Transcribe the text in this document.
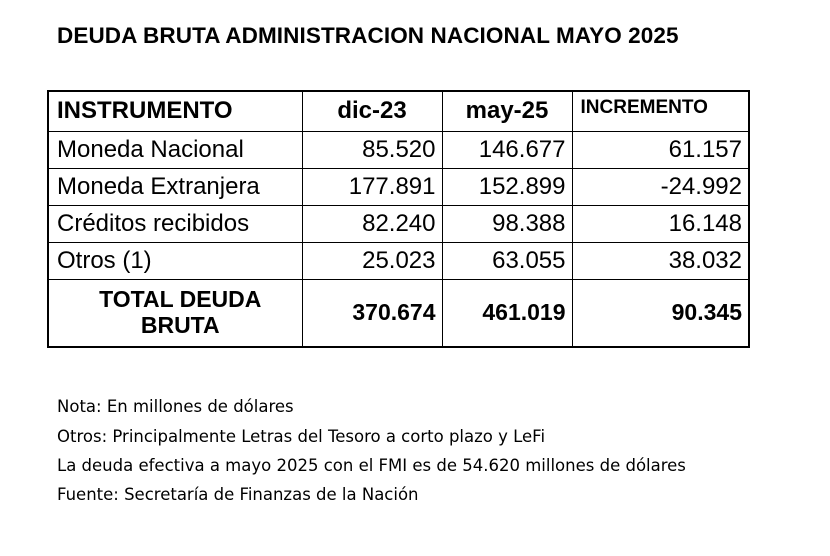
DEUDA BRUTA ADMINISTRACION NACIONAL MAYO 2025
INSTRUMENTO	dic-23	may-25	INCREMENTO
Moneda Nacional	85.520	146.677	61.157
Moneda Extranjera	177.891	152.899	-24.992
Créditos recibidos	82.240	98.388	16.148
Otros (1)	25.023	63.055	38.032
TOTAL DEUDA BRUTA	370.674	461.019	90.345
Nota: En millones de dólares
Otros: Principalmente Letras del Tesoro a corto plazo y LeFi
La deuda efectiva a mayo 2025 con el FMI es de 54.620 millones de dólares
Fuente: Secretaría de Finanzas de la Nación
